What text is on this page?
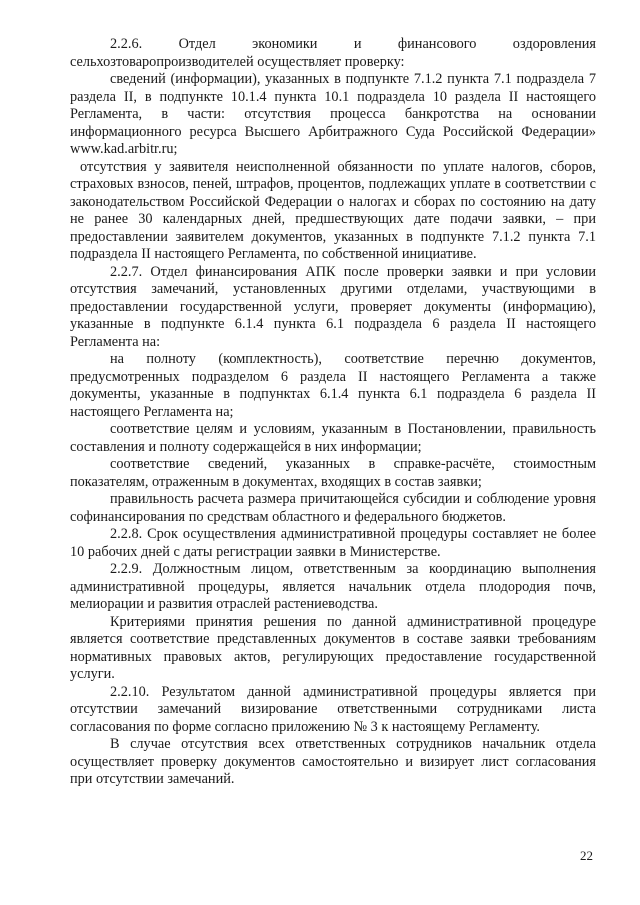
2.2.6. Отдел экономики и финансового оздоровления сельхозтоваропроизводителей осуществляет проверку:

сведений (информации), указанных в подпункте 7.1.2 пункта 7.1 подраздела 7 раздела II, в подпункте 10.1.4 пункта 10.1 подраздела 10 раздела II настоящего Регламента, в части: отсутствия процесса банкротства на основании информационного ресурса Высшего Арбитражного Суда Российской Федерации» www.kad.arbitr.ru;

отсутствия у заявителя неисполненной обязанности по уплате налогов, сборов, страховых взносов, пеней, штрафов, процентов, подлежащих уплате в соответствии с законодательством Российской Федерации о налогах и сборах по состоянию на дату не ранее 30 календарных дней, предшествующих дате подачи заявки, – при предоставлении заявителем документов, указанных в подпункте 7.1.2 пункта 7.1 подраздела II настоящего Регламента, по собственной инициативе.

2.2.7. Отдел финансирования АПК после проверки заявки и при условии отсутствия замечаний, установленных другими отделами, участвующими в предоставлении государственной услуги, проверяет документы (информацию), указанные в подпункте 6.1.4 пункта 6.1 подраздела 6 раздела II настоящего Регламента на:

на полноту (комплектность), соответствие перечню документов, предусмотренных подразделом 6 раздела II настоящего Регламента а также документы, указанные в подпунктах 6.1.4 пункта 6.1 подраздела 6 раздела II настоящего Регламента на;

соответствие целям и условиям, указанным в Постановлении, правильность составления и полноту содержащейся в них информации;

соответствие сведений, указанных в справке-расчёте, стоимостным показателям, отраженным в документах, входящих в состав заявки;

правильность расчета размера причитающейся субсидии и соблюдение уровня софинансирования по средствам областного и федерального бюджетов.

2.2.8. Срок осуществления административной процедуры составляет не более 10 рабочих дней с даты регистрации заявки в Министерстве.

2.2.9. Должностным лицом, ответственным за координацию выполнения административной процедуры, является начальник отдела плодородия почв, мелиорации и развития отраслей растениеводства.

Критериями принятия решения по данной административной процедуре является соответствие представленных документов в составе заявки требованиям нормативных правовых актов, регулирующих предоставление государственной услуги.

2.2.10. Результатом данной административной процедуры является при отсутствии замечаний визирование ответственными сотрудниками листа согласования по форме согласно приложению № 3 к настоящему Регламенту.

В случае отсутствия всех ответственных сотрудников начальник отдела осуществляет проверку документов самостоятельно и визирует лист согласования при отсутствии замечаний.

22
